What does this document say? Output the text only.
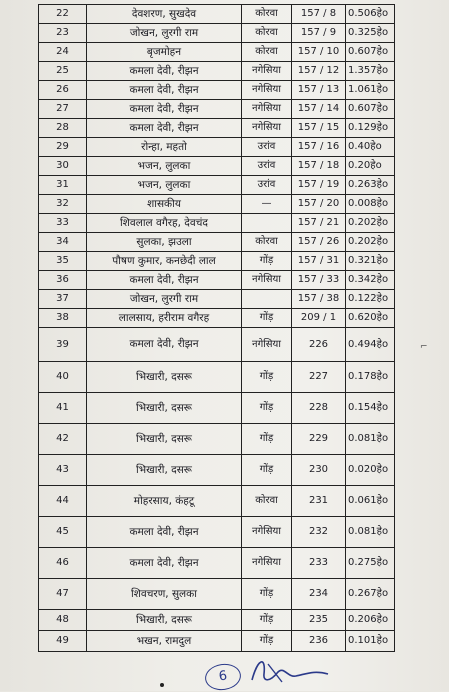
22	देवशरण, सुखदेव	कोरवा	157 / 8	0.506हेo
23	जोखन, लुरगी राम	कोरवा	157 / 9	0.325हेo
24	बृजमोहन	कोरवा	157 / 10	0.607हेo
25	कमला देवी, रीझन	नगेसिया	157 / 12	1.357हेo
26	कमला देवी, रीझन	नगेसिया	157 / 13	1.061हेo
27	कमला देवी, रीझन	नगेसिया	157 / 14	0.607हेo
28	कमला देवी, रीझन	नगेसिया	157 / 15	0.129हेo
29	रोन्हा, महतो	उरांव	157 / 16	0.40हेo
30	भजन, लुलका	उरांव	157 / 18	0.20हेo
31	भजन, लुलका	उरांव	157 / 19	0.263हेo
32	शासकीय	—	157 / 20	0.008हेo
33	शिवलाल वगैरह, देवचंद		157 / 21	0.202हेo
34	सुलका, झउला	कोरवा	157 / 26	0.202हेo
35	पौषण कुमार, कनछेदी लाल	गोंड़	157 / 31	0.321हेo
36	कमला देवी, रीझन	नगेसिया	157 / 33	0.342हेo
37	जोखन, लुरगी राम		157 / 38	0.122हेo
38	लालसाय, हरीराम वगैरह	गोंड़	209 / 1	0.620हेo
39	कमला देवी, रीझन	नगेसिया	226	0.494हेo
40	भिखारी, दसरू	गोंड़	227	0.178हेo
41	भिखारी, दसरू	गोंड़	228	0.154हेo
42	भिखारी, दसरू	गोंड़	229	0.081हेo
43	भिखारी, दसरू	गोंड़	230	0.020हेo
44	मोहरसाय, कंहटू	कोरवा	231	0.061हेo
45	कमला देवी, रीझन	नगेसिया	232	0.081हेo
46	कमला देवी, रीझन	नगेसिया	233	0.275हेo
47	शिवचरण, सुलका	गोंड़	234	0.267हेo
48	भिखारी, दसरू	गोंड़	235	0.206हेo
49	भखन, रामदुल	गोंड़	236	0.101हेo
⌐
6
